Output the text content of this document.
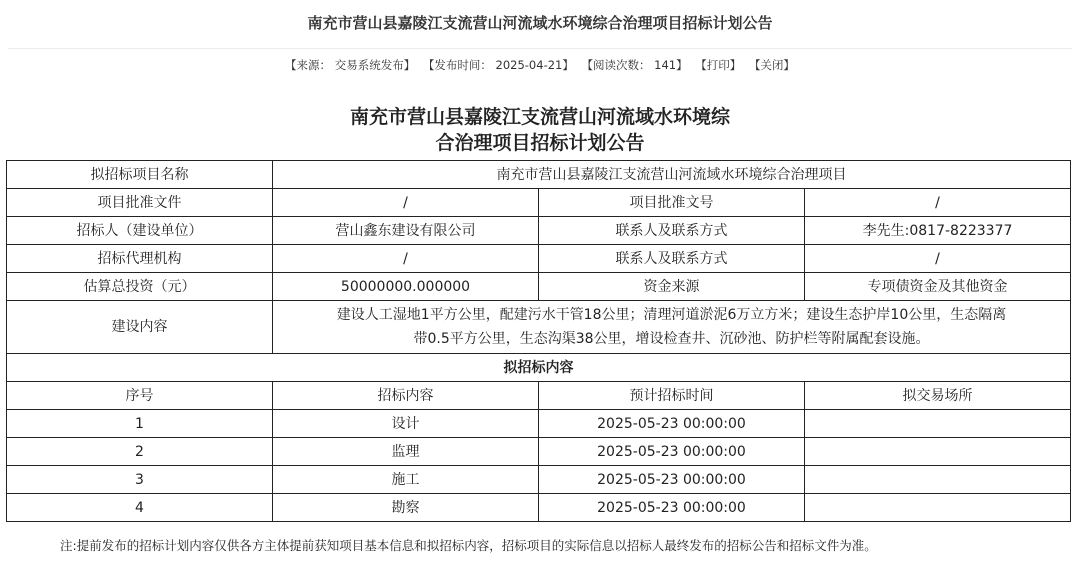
南充市营山县嘉陵江支流营山河流域水环境综合治理项目招标计划公告
【来源： 交易系统发布】 【发布时间： 2025-04-21】 【阅读次数： 141】 【打印】 【关闭】
南充市营山县嘉陵江支流营山河流域水环境综
合治理项目招标计划公告
拟招标项目名称	南充市营山县嘉陵江支流营山河流域水环境综合治理项目		
项目批准文件	/	项目批准文号	/
招标人（建设单位）	营山鑫东建设有限公司	联系人及联系方式	李先生:0817-8223377
招标代理机构	/	联系人及联系方式	/
估算总投资（元）	50000000.000000	资金来源	专项债资金及其他资金
建设内容	建设人工湿地1平方公里，配建污水干管18公里；清理河道淤泥6万立方米；建设生态护岸10公里，生态隔离
带0.5平方公里，生态沟渠38公里，增设检查井、沉砂池、防护栏等附属配套设施。		

拟招标内容			
序号	招标内容	预计招标时间	拟交易场所
1	设计	2025-05-23 00:00:00	
2	监理	2025-05-23 00:00:00	
3	施工	2025-05-23 00:00:00	
4	勘察	2025-05-23 00:00:00	
注:提前发布的招标计划内容仅供各方主体提前获知项目基本信息和拟招标内容，招标项目的实际信息以招标人最终发布的招标公告和招标文件为准。
